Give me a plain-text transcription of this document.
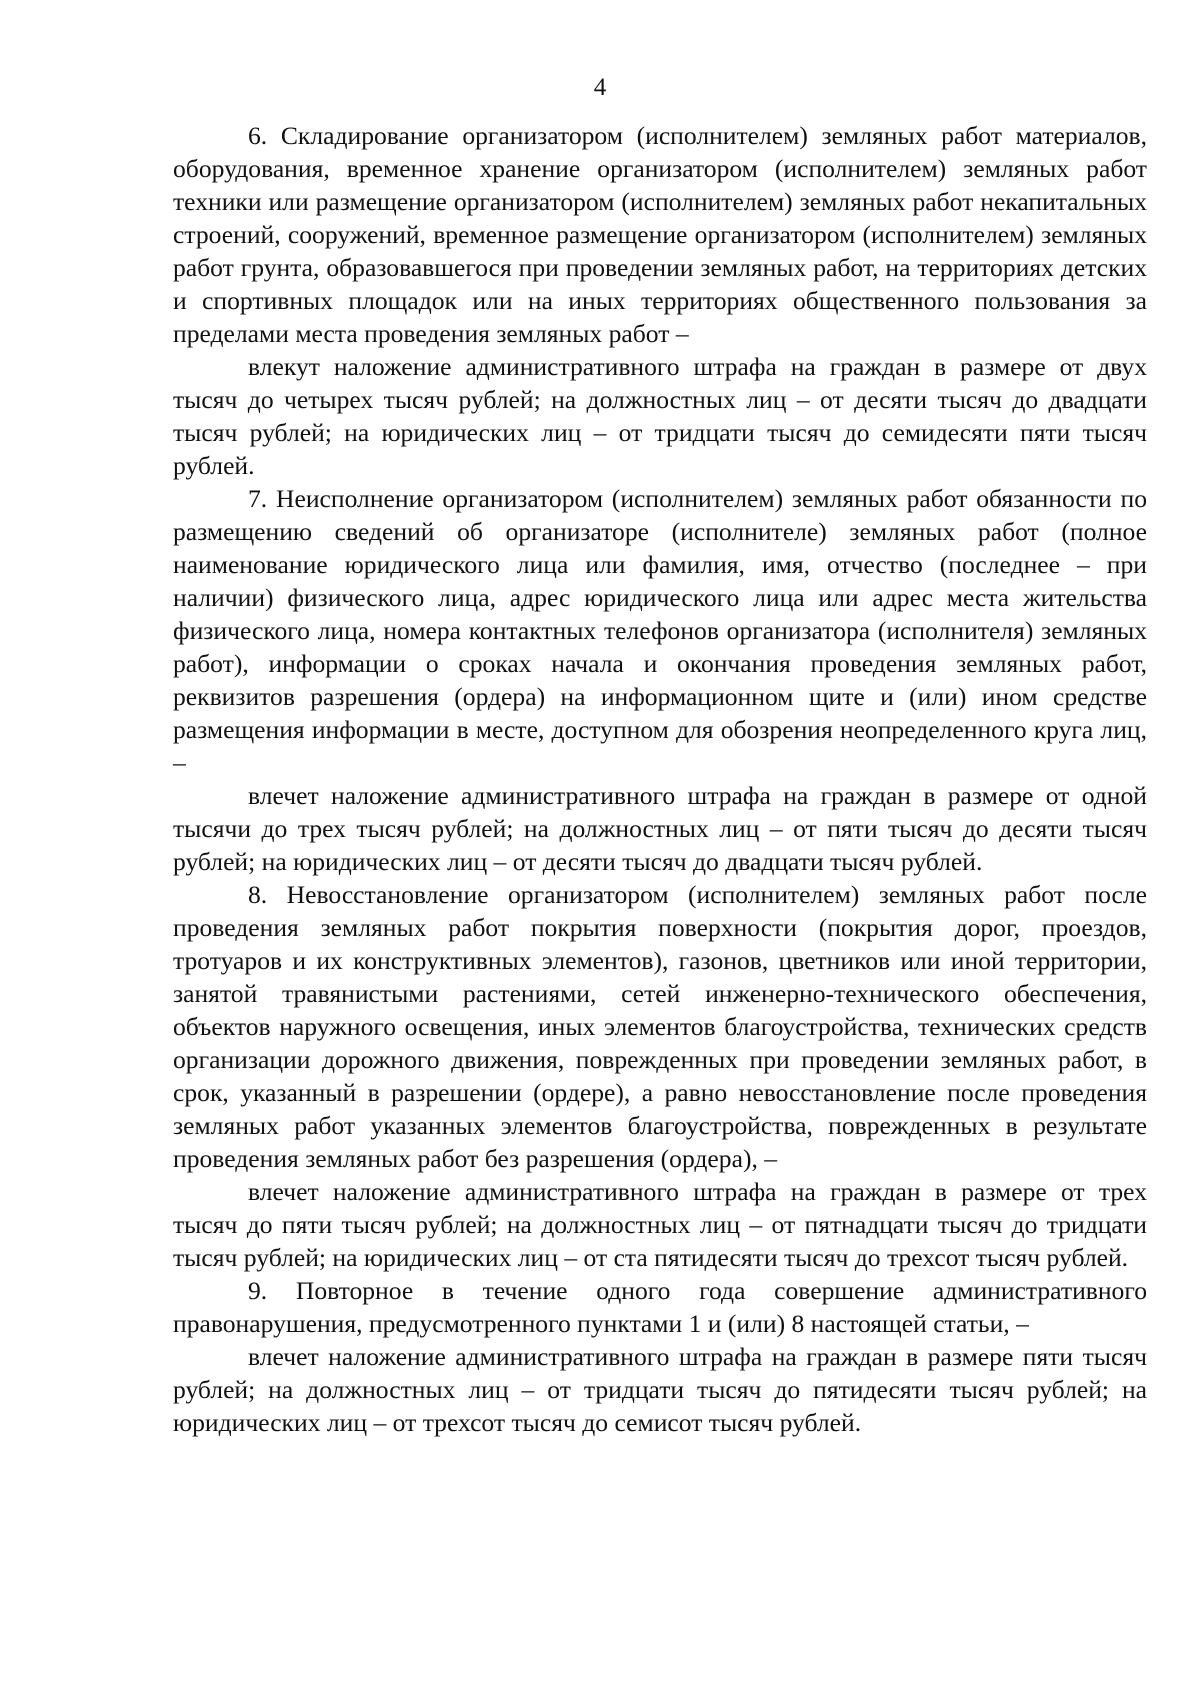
4

6. Складирование организатором (исполнителем) земляных работ материалов, оборудования, временное хранение организатором (исполнителем) земляных работ техники или размещение организатором (исполнителем) земляных работ некапитальных строений, сооружений, временное размещение организатором (исполнителем) земляных работ грунта, образовавшегося при проведении земляных работ, на территориях детских и спортивных площадок или на иных территориях общественного пользования за пределами места проведения земляных работ –

влекут наложение административного штрафа на граждан в размере от двух тысяч до четырех тысяч рублей; на должностных лиц – от десяти тысяч до двадцати тысяч рублей; на юридических лиц – от тридцати тысяч до семидесяти пяти тысяч рублей.

7. Неисполнение организатором (исполнителем) земляных работ обязанности по размещению сведений об организаторе (исполнителе) земляных работ (полное наименование юридического лица или фамилия, имя, отчество (последнее – при наличии) физического лица, адрес юридического лица или адрес места жительства физического лица, номера контактных телефонов организатора (исполнителя) земляных работ), информации о сроках начала и окончания проведения земляных работ, реквизитов разрешения (ордера) на информационном щите и (или) ином средстве размещения информации в месте, доступном для обозрения неопределенного круга лиц, –

влечет наложение административного штрафа на граждан в размере от одной тысячи до трех тысяч рублей; на должностных лиц – от пяти тысяч до десяти тысяч рублей; на юридических лиц – от десяти тысяч до двадцати тысяч рублей.

8. Невосстановление организатором (исполнителем) земляных работ после проведения земляных работ покрытия поверхности (покрытия дорог, проездов, тротуаров и их конструктивных элементов), газонов, цветников или иной территории, занятой травянистыми растениями, сетей инженерно-технического обеспечения, объектов наружного освещения, иных элементов благоустройства, технических средств организации дорожного движения, поврежденных при проведении земляных работ, в срок, указанный в разрешении (ордере), а равно невосстановление после проведения земляных работ указанных элементов благоустройства, поврежденных в результате проведения земляных работ без разрешения (ордера), –

влечет наложение административного штрафа на граждан в размере от трех тысяч до пяти тысяч рублей; на должностных лиц – от пятнадцати тысяч до тридцати тысяч рублей; на юридических лиц – от ста пятидесяти тысяч до трехсот тысяч рублей.

9. Повторное в течение одного года совершение административного правонарушения, предусмотренного пунктами 1 и (или) 8 настоящей статьи, –

влечет наложение административного штрафа на граждан в размере пяти тысяч рублей; на должностных лиц – от тридцати тысяч до пятидесяти тысяч рублей; на юридических лиц – от трехсот тысяч до семисот тысяч рублей.
